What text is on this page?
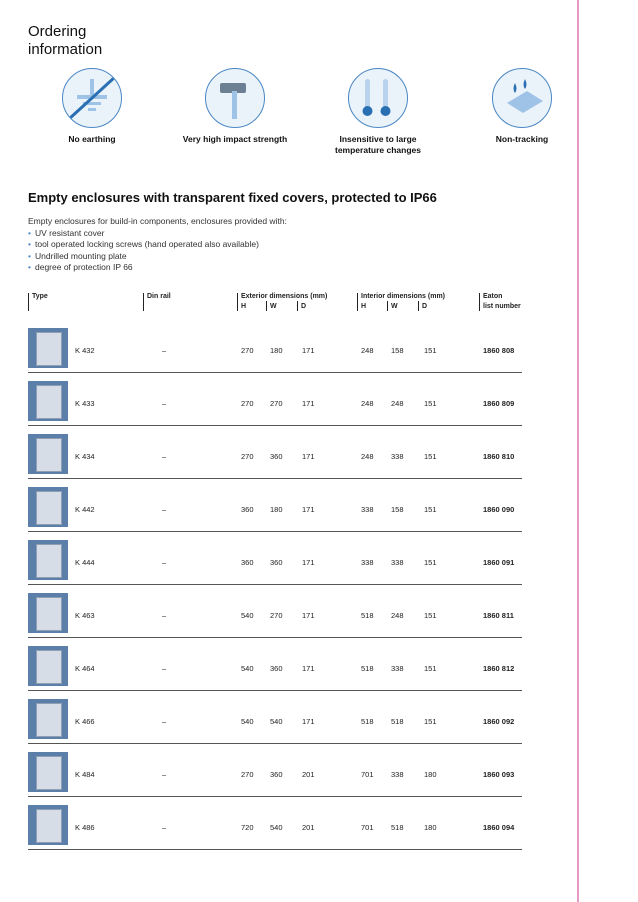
Ordering
information
No earthing	Very high impact strength	Insensitive to large
temperature changes
Non-tracking
Empty enclosures with transparent fixed covers, protected to IP66
Empty enclosures for build-in components, enclosures provided with:
• UV resistant cover
• tool operated locking screws (hand operated also available)
• Undrilled mounting plate
• degree of protection IP 66
Type	Din rail	Exterior dimensions (mm)
H	W	D
Interior dimensions (mm)
H	W	D
Eaton
list number
K 432	–	270 180	171	248 158	151	1860 808
K 433	–	270 270	171	248 248	151	1860 809
K 434	–	270 360	171	248 338	151	1860 810
K 442	–	360 180	171	338 158	151	1860 090
K 444	–	360 360	171	338 338	151	1860 091
K 463	–	540 270	171	518 248	151	1860 811
K 464	–	540 360	171	518 338	151	1860 812
K 466	–	540 540	171	518 518	151	1860 092
K 484	–	270 360	201	701 338	180	1860 093
K 486	–	720 540	201	701 518	180	1860 094
